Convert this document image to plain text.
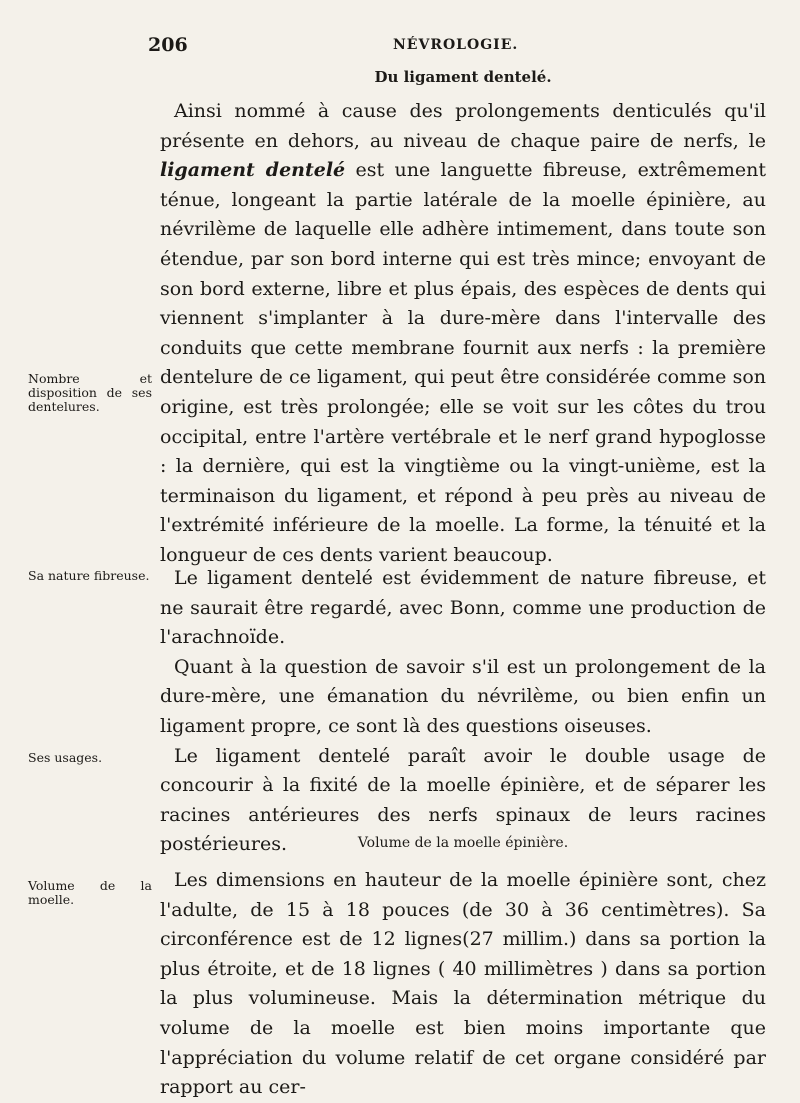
206	NÉVROLOGIE.
Du ligament dentelé.

Ainsi nommé à cause des prolongements denticulés qu'il présente en dehors, au niveau de chaque paire de nerfs, le ligament dentelé est une languette fibreuse, extrêmement ténue, longeant la partie latérale de la moelle épinière, au névrilème de laquelle elle adhère intimement, dans toute son étendue, par son bord interne qui est très mince; envoyant de son bord externe, libre et plus épais, des espèces de dents qui viennent s'implanter à la dure-mère dans l'intervalle des conduits que cette membrane fournit aux nerfs : la première dentelure de ce ligament, qui peut être considérée comme son origine, est très prolongée; elle se voit sur les côtes du trou occipital, entre l'artère vertébrale et le nerf grand hypoglosse : la dernière, qui est la vingtième ou la vingt-unième, est la terminaison du ligament, et répond à peu près au niveau de l'extrémité inférieure de la moelle. La forme, la ténuité et la longueur de ces dents varient beaucoup.

Le ligament dentelé est évidemment de nature fibreuse, et ne saurait être regardé, avec Bonn, comme une production de l'arachnoïde.

Quant à la question de savoir s'il est un prolongement de la dure-mère, une émanation du névrilème, ou bien enfin un ligament propre, ce sont là des questions oiseuses.

Le ligament dentelé paraît avoir le double usage de concourir à la fixité de la moelle épinière, et de séparer les racines antérieures des nerfs spinaux de leurs racines postérieures.	Volume de la moelle épinière.

Les dimensions en hauteur de la moelle épinière sont, chez l'adulte, de 15 à 18 pouces (de 30 à 36 centimètres). Sa circonférence est de 12 lignes(27 millim.) dans sa portion la plus étroite, et de 18 lignes ( 40 millimètres ) dans sa portion la plus volumineuse. Mais la détermination métrique du volume de la moelle est bien moins importante que l'appréciation du volume relatif de cet organe considéré par rapport au cer-

Nombre et disposition de ses dentelures.
Sa nature fibreuse.
Ses usages.
Volume de la moelle.
